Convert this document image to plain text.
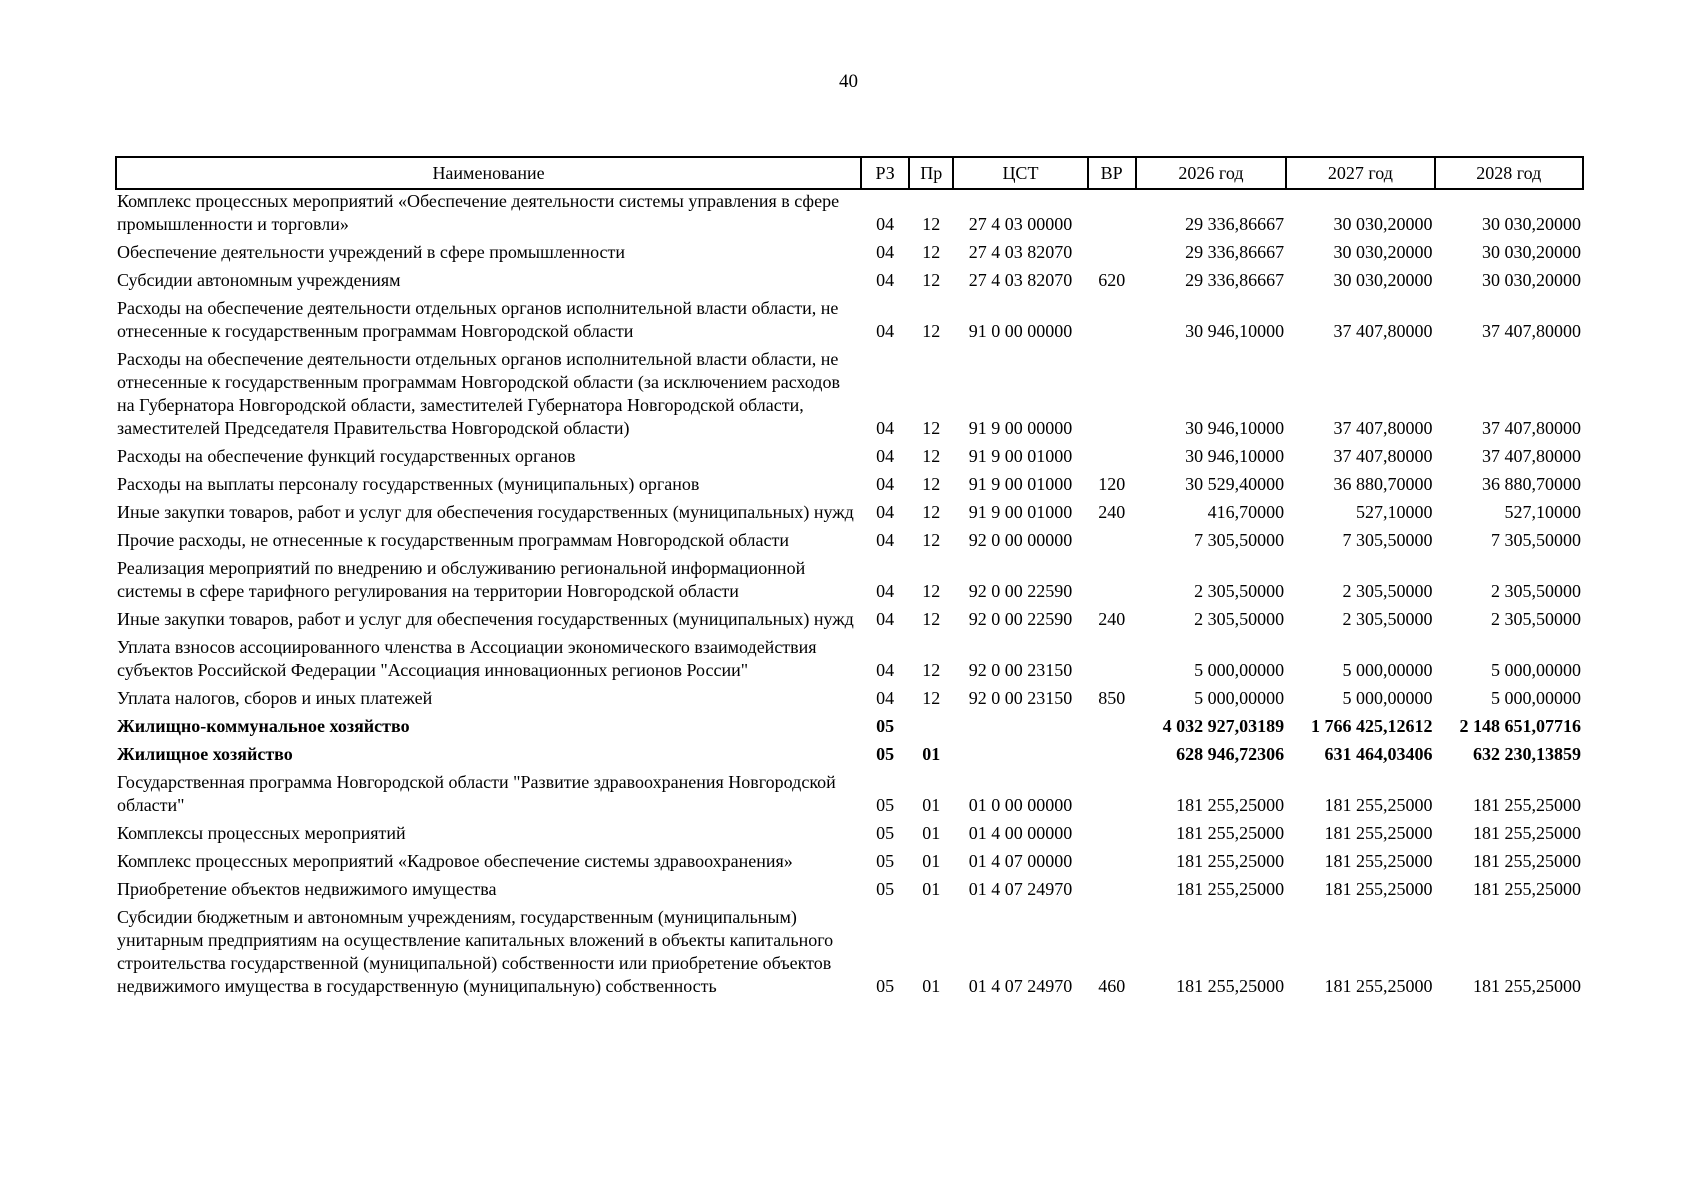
40
Наименование	РЗ	Пр	ЦСТ	ВР	2026 год	2027 год	2028 год
Комплекс процессных мероприятий «Обеспечение деятельности системы управления в сфере промышленности и торговли»	04	12	27 4 03 00000		29 336,86667	30 030,20000	30 030,20000
Обеспечение деятельности учреждений в сфере промышленности	04	12	27 4 03 82070		29 336,86667	30 030,20000	30 030,20000
Субсидии автономным учреждениям	04	12	27 4 03 82070	620	29 336,86667	30 030,20000	30 030,20000
Расходы на обеспечение деятельности отдельных органов исполнительной власти области, не отнесенные к государственным программам Новгородской области	04	12	91 0 00 00000		30 946,10000	37 407,80000	37 407,80000
Расходы на обеспечение деятельности отдельных органов исполнительной власти области, не отнесенные к государственным программам Новгородской области (за исключением расходов на Губернатора Новгородской области, заместителей Губернатора Новгородской области, заместителей Председателя Правительства Новгородской области)	04	12	91 9 00 00000		30 946,10000	37 407,80000	37 407,80000
Расходы на обеспечение функций государственных органов	04	12	91 9 00 01000		30 946,10000	37 407,80000	37 407,80000
Расходы на выплаты персоналу государственных (муниципальных) органов	04	12	91 9 00 01000	120	30 529,40000	36 880,70000	36 880,70000
Иные закупки товаров, работ и услуг для обеспечения государственных (муниципальных) нужд	04	12	91 9 00 01000	240	416,70000	527,10000	527,10000
Прочие расходы, не отнесенные к государственным программам Новгородской области	04	12	92 0 00 00000		7 305,50000	7 305,50000	7 305,50000
Реализация мероприятий по внедрению и обслуживанию региональной информационной системы в сфере тарифного регулирования на территории Новгородской области	04	12	92 0 00 22590		2 305,50000	2 305,50000	2 305,50000
Иные закупки товаров, работ и услуг для обеспечения государственных (муниципальных) нужд	04	12	92 0 00 22590	240	2 305,50000	2 305,50000	2 305,50000
Уплата взносов ассоциированного членства в Ассоциации экономического взаимодействия субъектов Российской Федерации "Ассоциация инновационных регионов России"	04	12	92 0 00 23150		5 000,00000	5 000,00000	5 000,00000
Уплата налогов, сборов и иных платежей	04	12	92 0 00 23150	850	5 000,00000	5 000,00000	5 000,00000
Жилищно-коммунальное хозяйство	05				4 032 927,03189	1 766 425,12612	2 148 651,07716
Жилищное хозяйство	05	01			628 946,72306	631 464,03406	632 230,13859
Государственная программа Новгородской области "Развитие здравоохранения Новгородской области"	05	01	01 0 00 00000		181 255,25000	181 255,25000	181 255,25000
Комплексы процессных мероприятий	05	01	01 4 00 00000		181 255,25000	181 255,25000	181 255,25000
Комплекс процессных мероприятий «Кадровое обеспечение системы здравоохранения»	05	01	01 4 07 00000		181 255,25000	181 255,25000	181 255,25000
Приобретение объектов недвижимого имущества	05	01	01 4 07 24970		181 255,25000	181 255,25000	181 255,25000
Субсидии бюджетным и автономным учреждениям, государственным (муниципальным) унитарным предприятиям на осуществление капитальных вложений в объекты капитального строительства государственной (муниципальной) собственности или приобретение объектов недвижимого имущества в государственную (муниципальную) собственность	05	01	01 4 07 24970	460	181 255,25000	181 255,25000	181 255,25000
